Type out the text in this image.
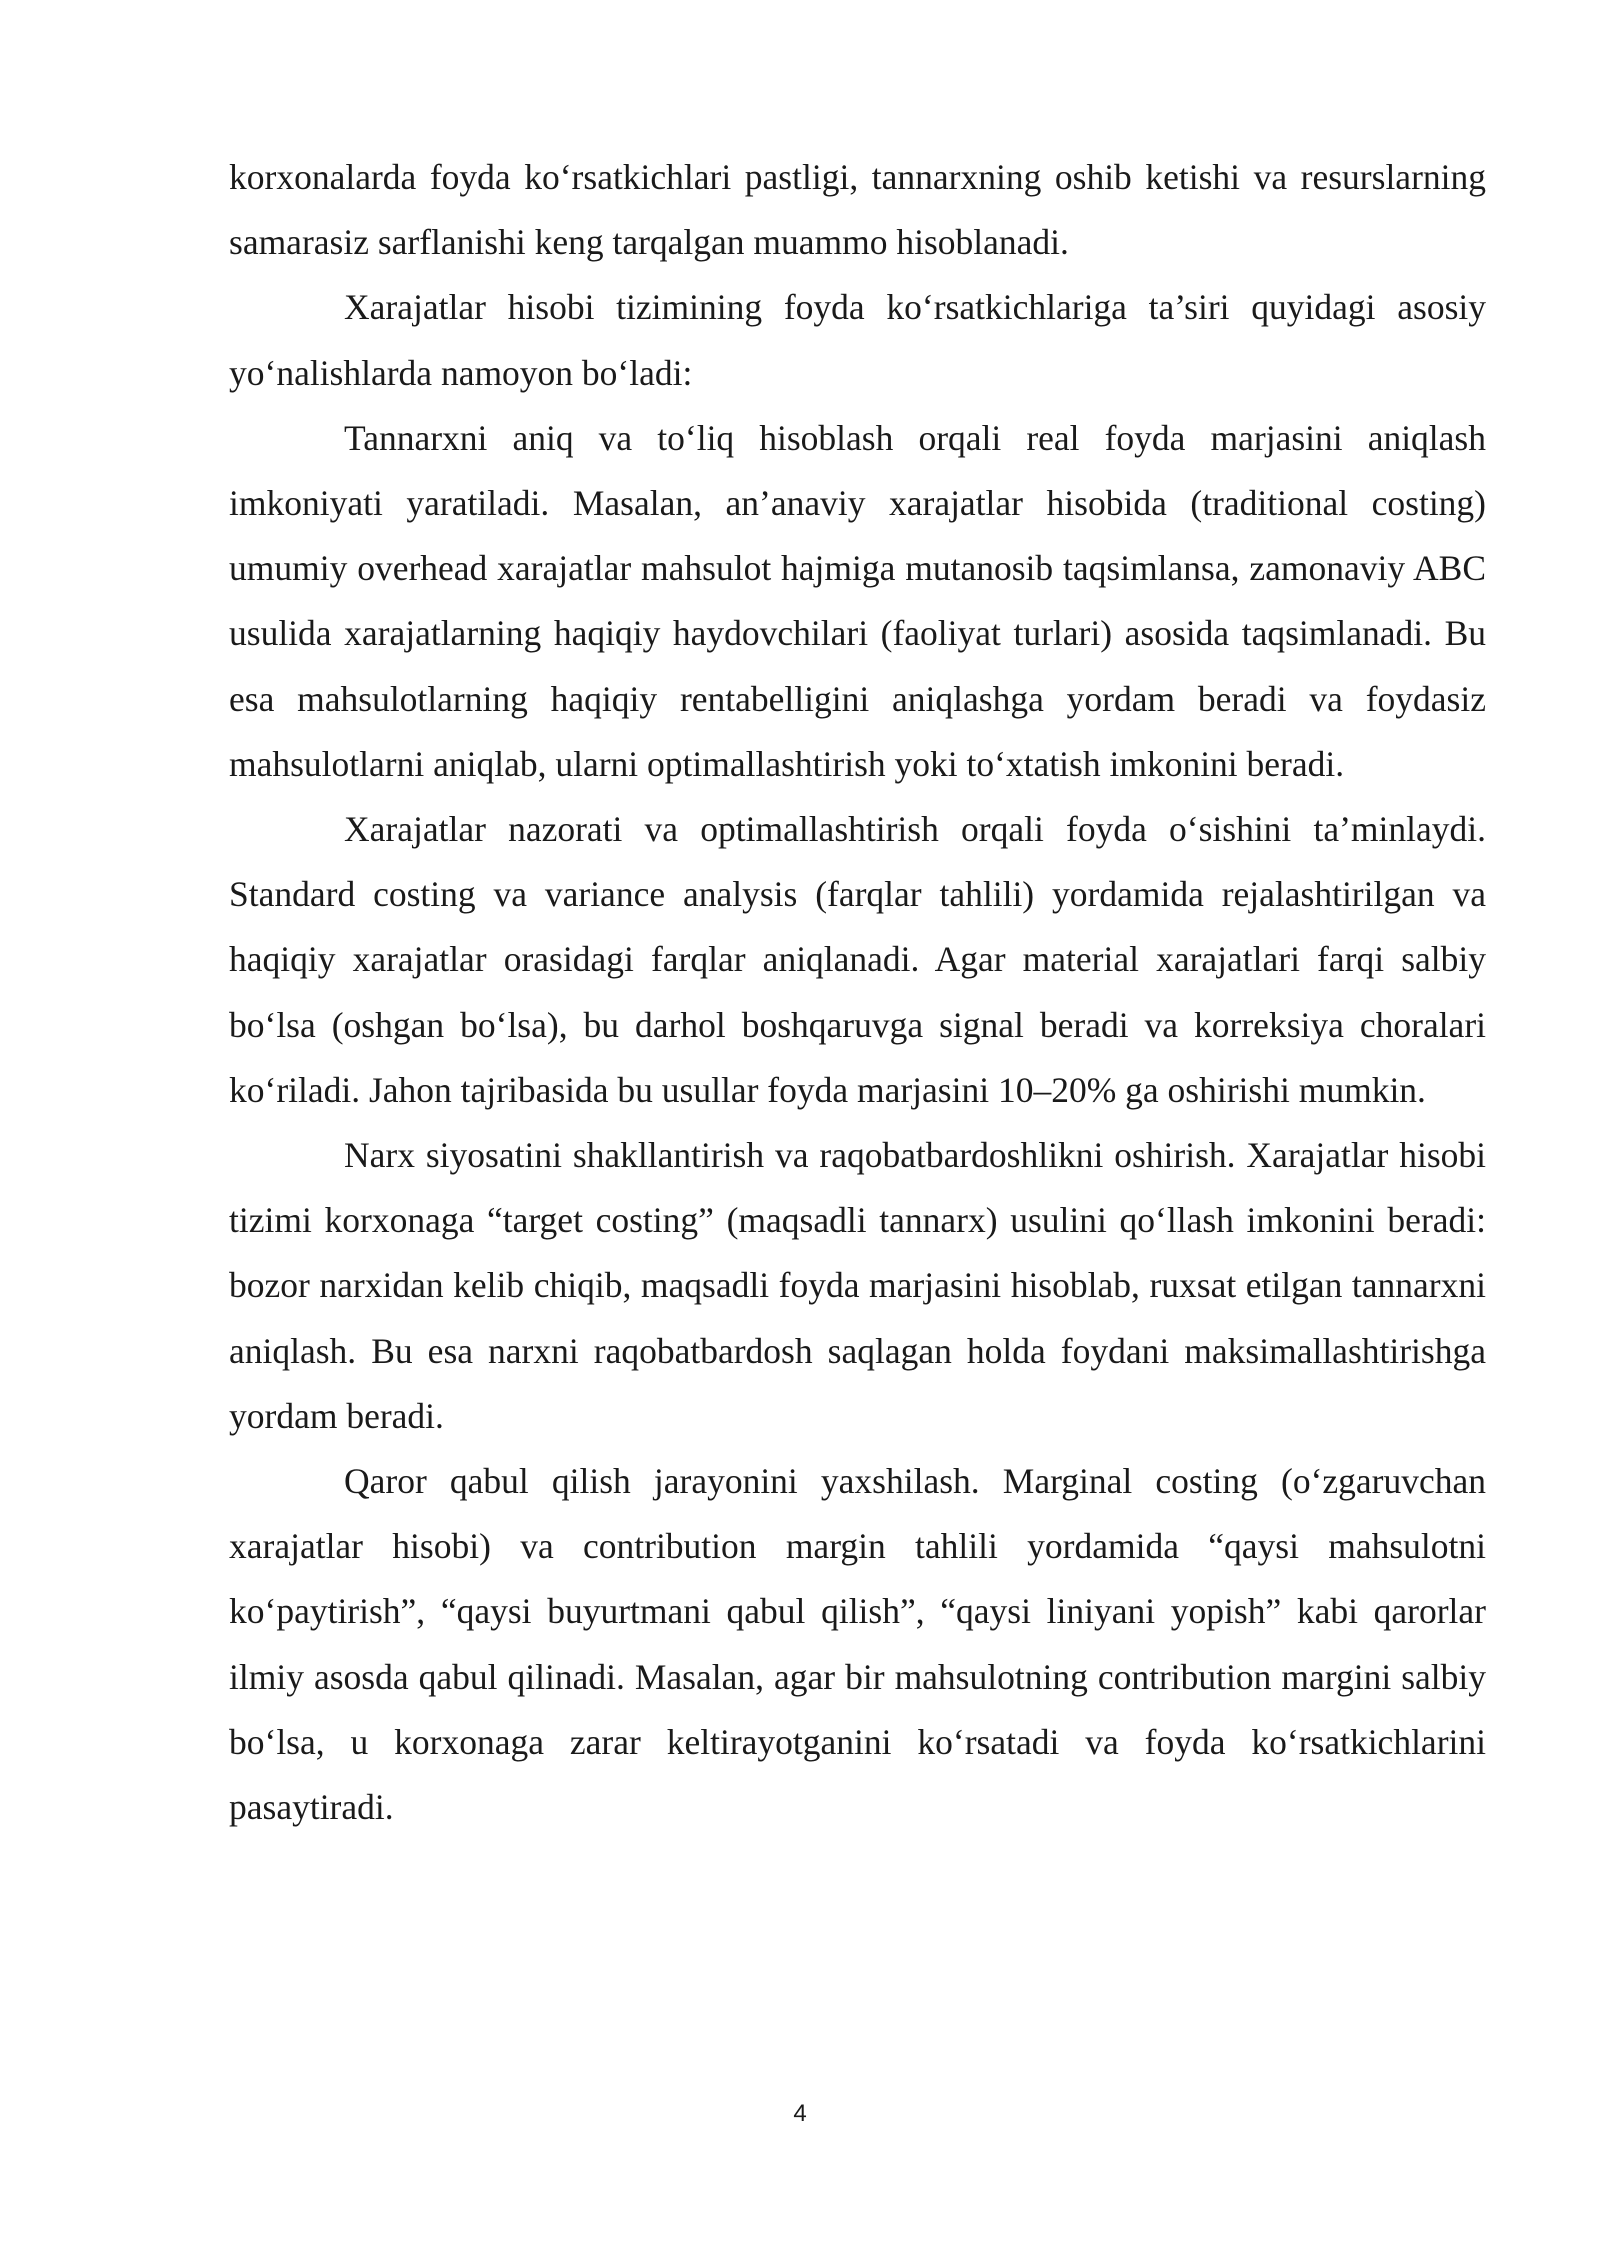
korxonalarda foyda ko‘rsatkichlari pastligi, tannarxning oshib ketishi va resurslarning samarasiz sarflanishi keng tarqalgan muammo hisoblanadi.

Xarajatlar hisobi tizimining foyda ko‘rsatkichlariga ta’siri quyidagi asosiy yo‘nalishlarda namoyon bo‘ladi:

Tannarxni aniq va to‘liq hisoblash orqali real foyda marjasini aniqlash imkoniyati yaratiladi. Masalan, an’anaviy xarajatlar hisobida (traditional costing) umumiy overhead xarajatlar mahsulot hajmiga mutanosib taqsimlansa, zamonaviy ABC usulida xarajatlarning haqiqiy haydovchilari (faoliyat turlari) asosida taqsimlanadi. Bu esa mahsulotlarning haqiqiy rentabelligini aniqlashga yordam beradi va foydasiz mahsulotlarni aniqlab, ularni optimallashtirish yoki to‘xtatish imkonini beradi.

Xarajatlar nazorati va optimallashtirish orqali foyda o‘sishini ta’minlaydi. Standard costing va variance analysis (farqlar tahlili) yordamida rejalashtirilgan va haqiqiy xarajatlar orasidagi farqlar aniqlanadi. Agar material xarajatlari farqi salbiy bo‘lsa (oshgan bo‘lsa), bu darhol boshqaruvga signal beradi va korreksiya choralari ko‘riladi. Jahon tajribasida bu usullar foyda marjasini 10–20% ga oshirishi mumkin.

Narx siyosatini shakllantirish va raqobatbardoshlikni oshirish. Xarajatlar hisobi tizimi korxonaga “target costing” (maqsadli tannarx) usulini qo‘llash imkonini beradi: bozor narxidan kelib chiqib, maqsadli foyda marjasini hisoblab, ruxsat etilgan tannarxni aniqlash. Bu esa narxni raqobatbardosh saqlagan holda foydani maksimallashtirishga yordam beradi.

Qaror qabul qilish jarayonini yaxshilash. Marginal costing (o‘zgaruvchan xarajatlar hisobi) va contribution margin tahlili yordamida “qaysi mahsulotni ko‘paytirish”, “qaysi buyurtmani qabul qilish”, “qaysi liniyani yopish” kabi qarorlar ilmiy asosda qabul qilinadi. Masalan, agar bir mahsulotning contribution margini salbiy bo‘lsa, u korxonaga zarar keltirayotganini ko‘rsatadi va foyda ko‘rsatkichlarini pasaytiradi.

4
